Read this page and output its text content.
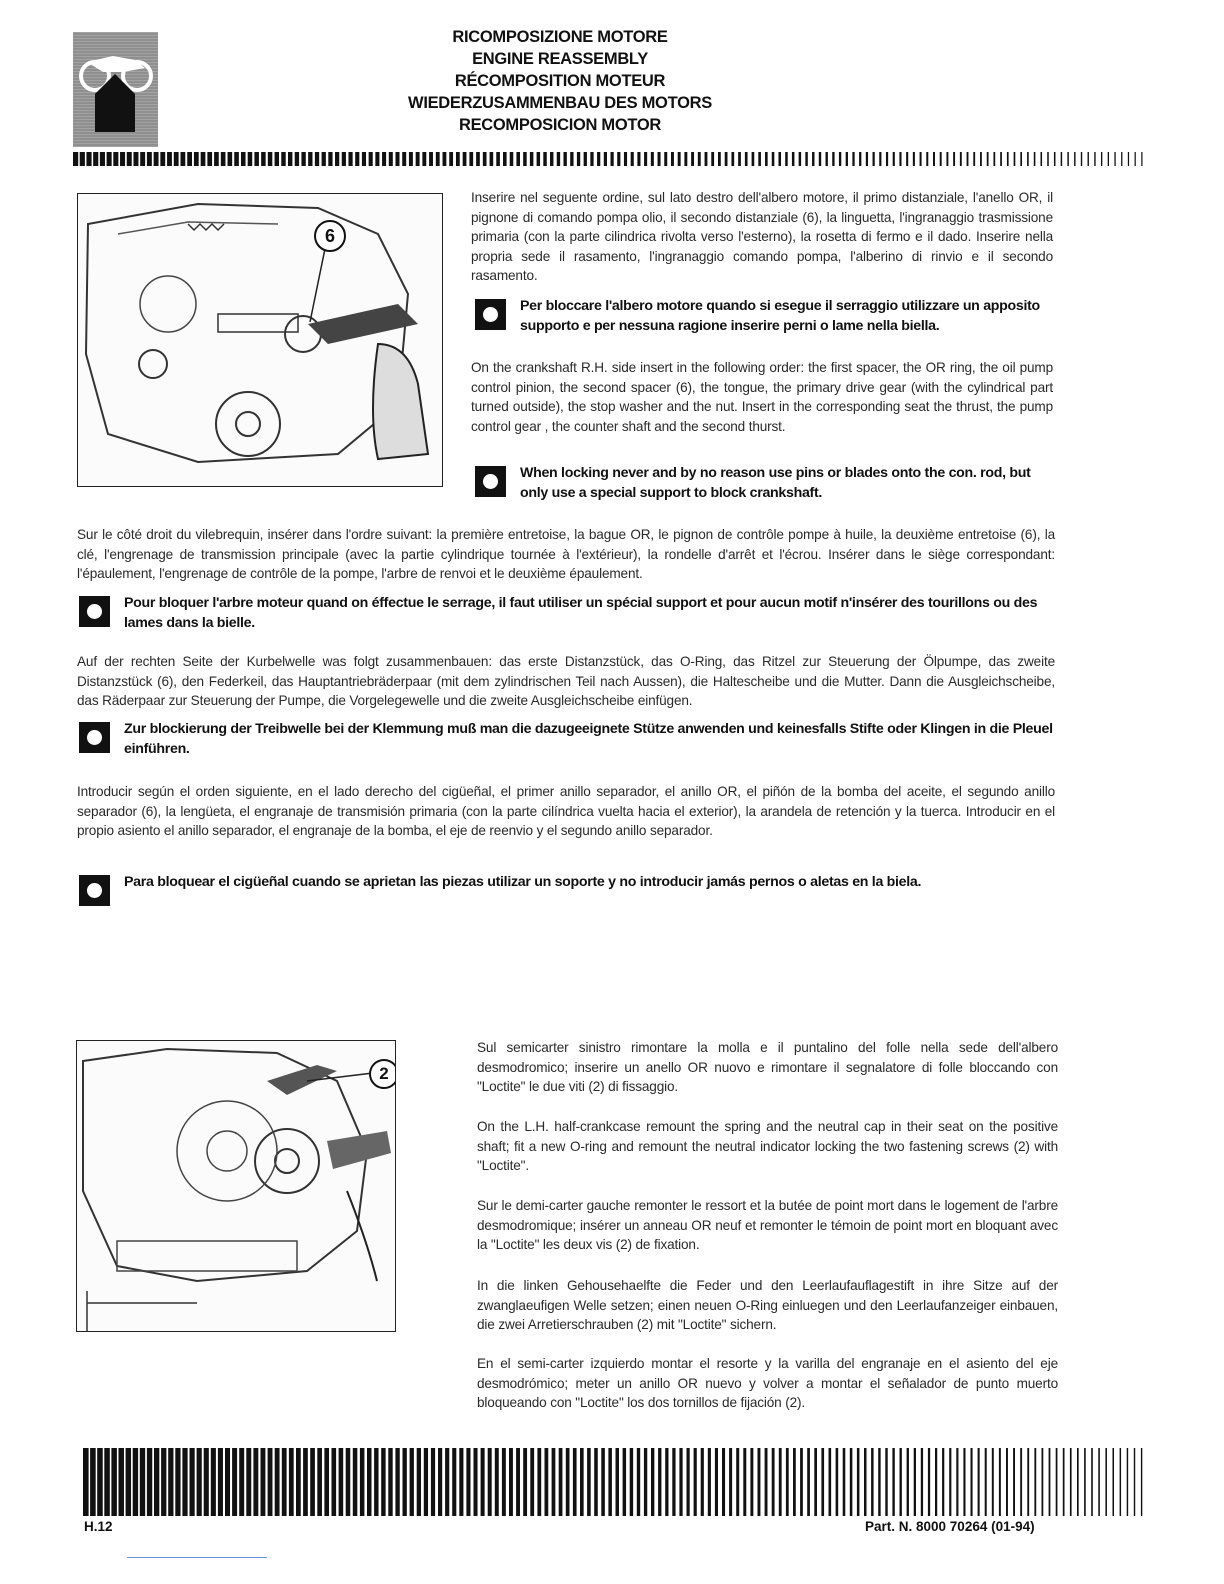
RICOMPOSIZIONE MOTORE
ENGINE REASSEMBLY
RÉCOMPOSITION MOTEUR
WIEDERZUSAMMENBAU DES MOTORS
RECOMPOSICION MOTOR
6
Inserire nel seguente ordine, sul lato destro dell'albero motore, il primo distanziale, l'anello OR, il pignone di comando pompa olio, il secondo distanziale (6), la linguetta, l'ingranaggio trasmissione primaria (con la parte cilindrica rivolta verso l'esterno), la rosetta di fermo e il dado. Inserire nella propria sede il rasamento, l'ingranaggio comando pompa, l'alberino di rinvio e il secondo rasamento.
Per bloccare l'albero motore quando si esegue il serraggio utilizzare un apposito supporto e per nessuna ragione inserire perni o lame nella biella.
On the crankshaft R.H. side insert in the following order: the first spacer, the OR ring, the oil pump control pinion, the second spacer (6), the tongue, the primary drive gear (with the cylindrical part turned outside), the stop washer and the nut. Insert in the corresponding seat the thrust, the pump control gear , the counter shaft and the second thurst.
When locking never and by no reason use pins or blades onto the con. rod, but only use a special support to block crankshaft.
Sur le côté droit du vilebrequin, insérer dans l'ordre suivant: la première entretoise, la bague OR, le pignon de contrôle pompe à huile, la deuxième entretoise (6), la clé, l'engrenage de transmission principale (avec la partie cylindrique tournée à l'extérieur), la rondelle d'arrêt et l'écrou. Insérer dans le siège correspondant: l'épaulement, l'engrenage de contrôle de la pompe, l'arbre de renvoi et le deuxième épaulement.
Pour bloquer l'arbre moteur quand on éffectue le serrage, il faut utiliser un spécial support et pour aucun motif n'insérer des tourillons ou des lames dans la bielle.
Auf der rechten Seite der Kurbelwelle was folgt zusammenbauen: das erste Distanzstück, das O-Ring, das Ritzel zur Steuerung der Ölpumpe, das zweite Distanzstück (6), den Federkeil, das Hauptantriebräderpaar (mit dem zylindrischen Teil nach Aussen), die Haltescheibe und die Mutter. Dann die Ausgleichscheibe, das Räderpaar zur Steuerung der Pumpe, die Vorgelegewelle und die zweite Ausgleichscheibe einfügen.
Zur blockierung der Treibwelle bei der Klemmung muß man die dazugeeignete Stütze anwenden und keinesfalls Stifte oder Klingen in die Pleuel einführen.
Introducir según el orden siguiente, en el lado derecho del cigüeñal, el primer anillo separador, el anillo OR, el piñón de la bomba del aceite, el segundo anillo separador (6), la lengüeta, el engranaje de transmisión primaria (con la parte cilíndrica vuelta hacia el exterior), la arandela de retención y la tuerca. Introducir en el propio asiento el anillo separador, el engranaje de la bomba, el eje de reenvio y el segundo anillo separador.
Para bloquear el cigüeñal cuando se aprietan las piezas utilizar un soporte y no introducir jamás pernos o aletas en la biela.
2
Sul semicarter sinistro rimontare la molla e il puntalino del folle nella sede dell'albero desmodromico; inserire un anello OR nuovo e rimontare il segnalatore di folle bloccando con "Loctite" le due viti (2) di fissaggio.
On the L.H. half-crankcase remount the spring and the neutral cap in their seat on the positive shaft; fit a new O-ring and remount the neutral indicator locking the two fastening screws (2) with "Loctite".
Sur le demi-carter gauche remonter le ressort et la butée de point mort dans le logement de l'arbre desmodromique; insérer un anneau OR neuf et remonter le témoin de point mort en bloquant avec la "Loctite" les deux vis (2) de fixation.
In die linken Gehousehaelfte die Feder und den Leerlaufauflagestift in ihre Sitze auf der zwanglaeufigen Welle setzen; einen neuen O-Ring einluegen und den Leerlaufanzeiger einbauen, die zwei Arretierschrauben (2) mit "Loctite" sichern.
En el semi-carter izquierdo montar el resorte y la varilla del engranaje en el asiento del eje desmodrómico; meter un anillo OR nuevo y volver a montar el señalador de punto muerto bloqueando con "Loctite" los dos tornillos de fijación (2).
H.12	Part. N. 8000 70264 (01-94)
